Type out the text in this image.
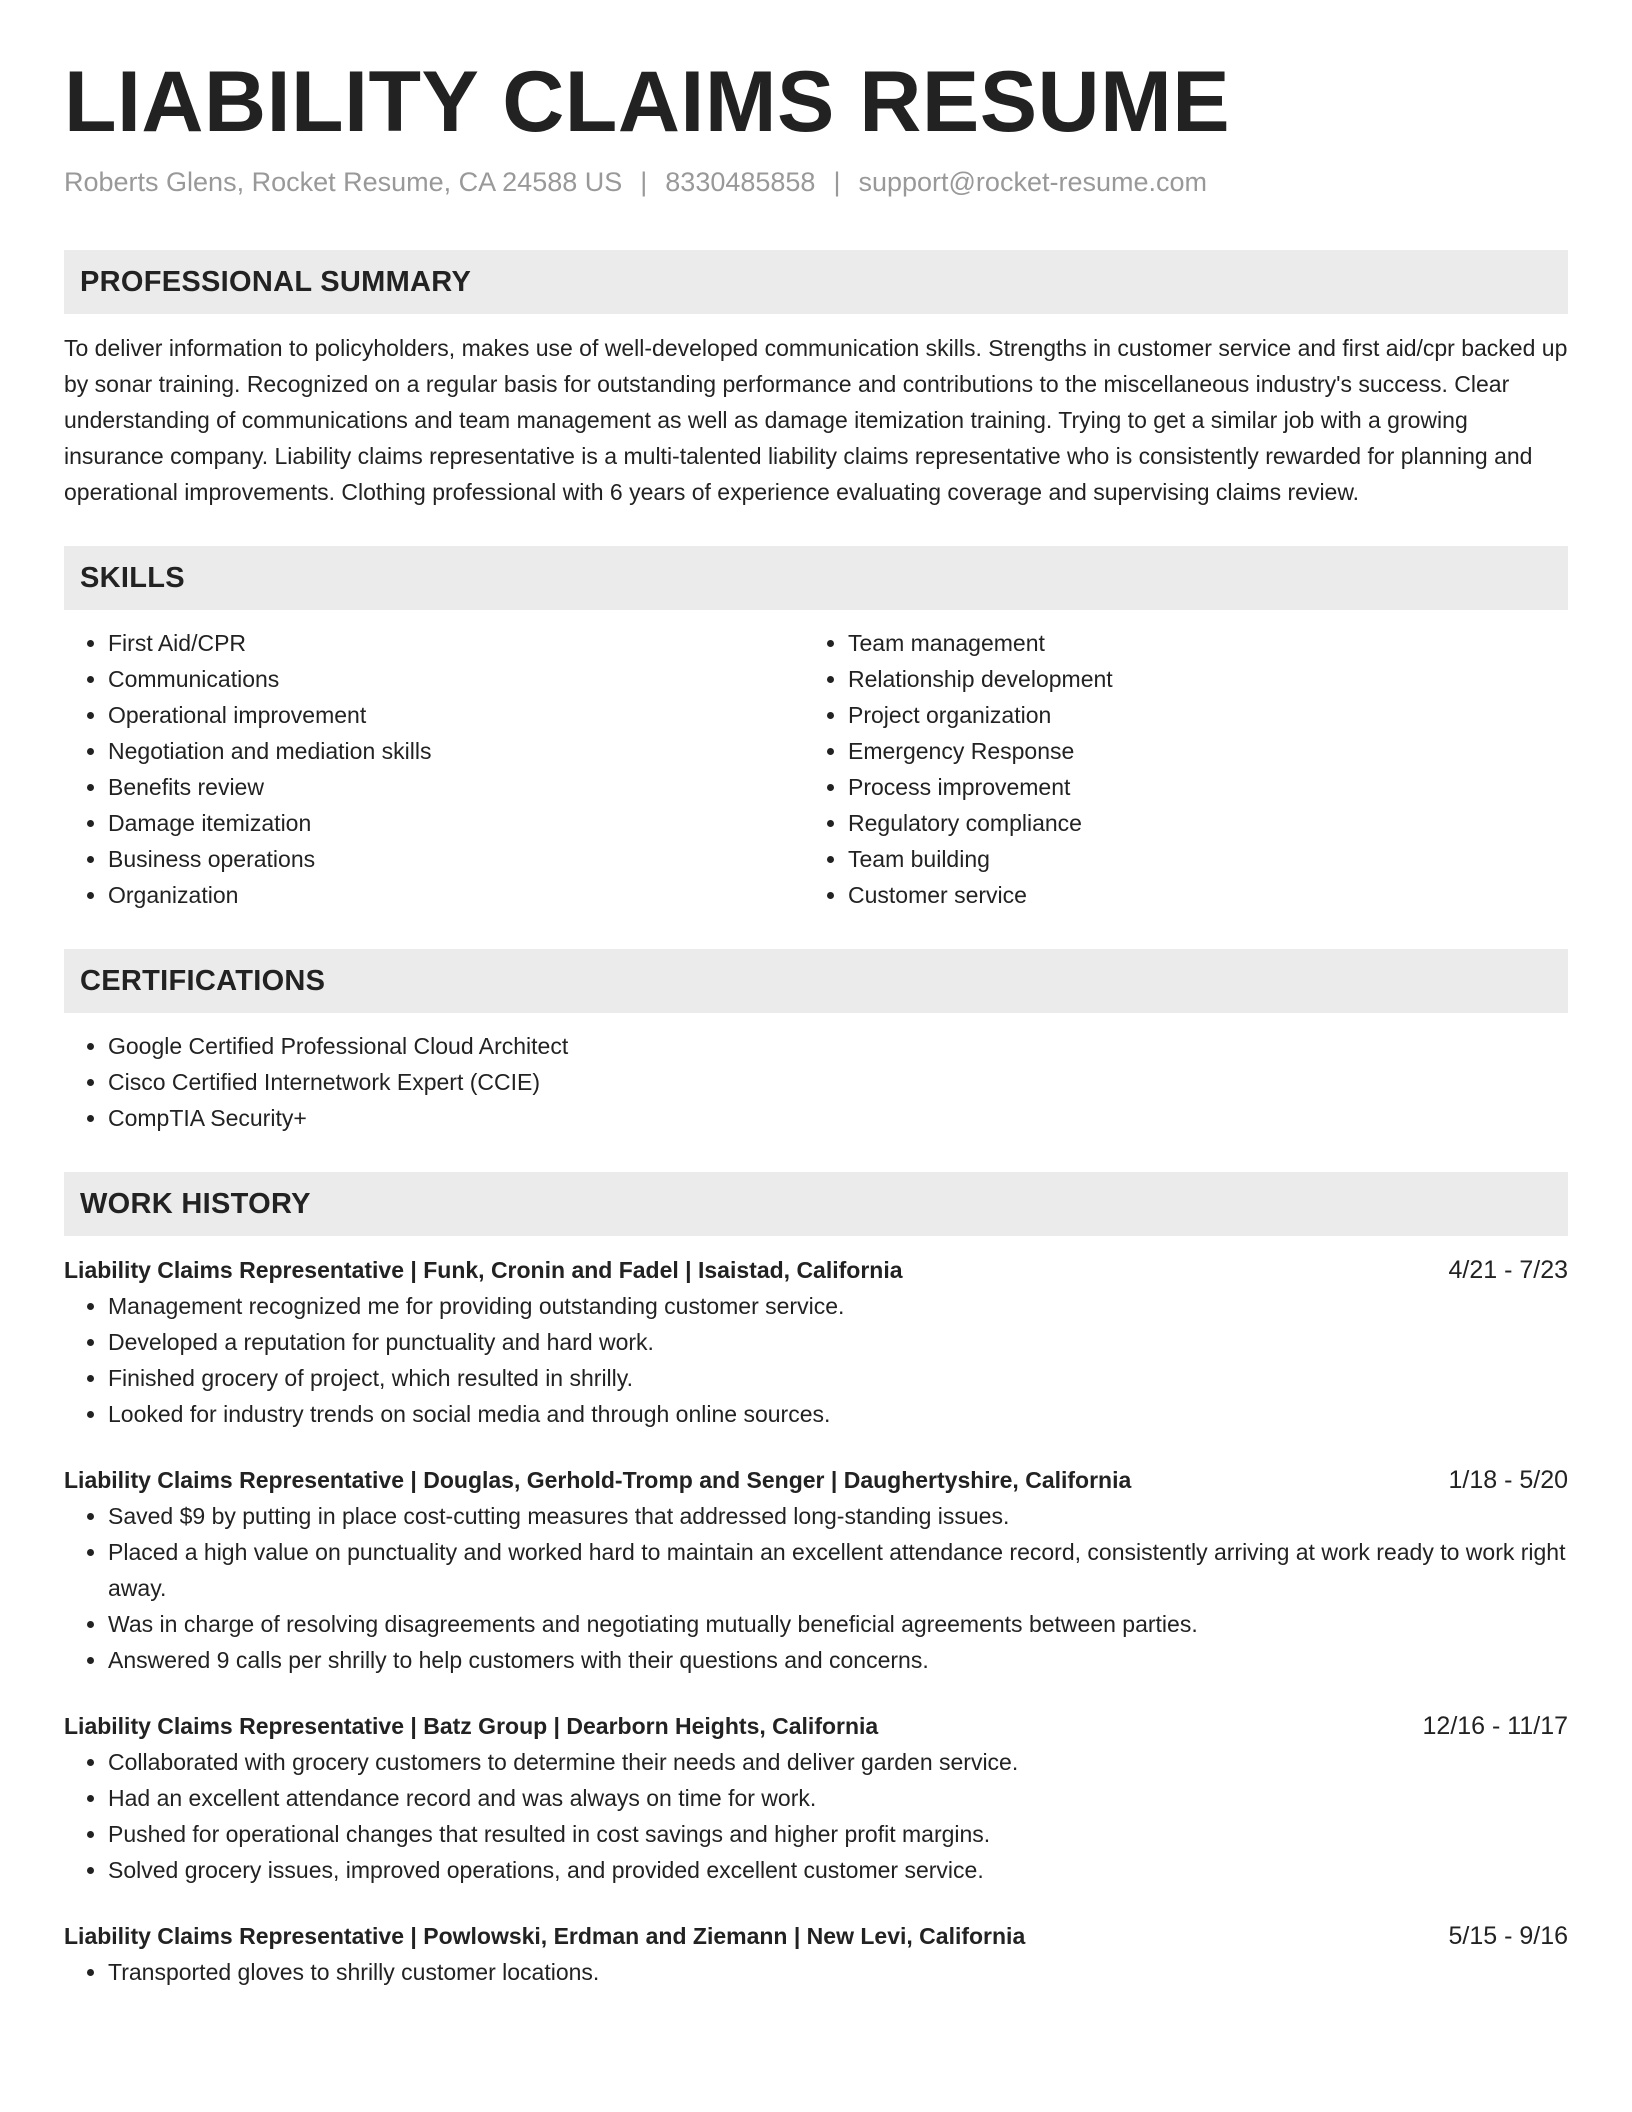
LIABILITY CLAIMS RESUME
Roberts Glens, Rocket Resume, CA 24588 US | 8330485858 | support@rocket-resume.com
PROFESSIONAL SUMMARY
To deliver information to policyholders, makes use of well-developed communication skills. Strengths in customer service and first aid/cpr backed up by sonar training. Recognized on a regular basis for outstanding performance and contributions to the miscellaneous industry's success. Clear understanding of communications and team management as well as damage itemization training. Trying to get a similar job with a growing insurance company. Liability claims representative is a multi-talented liability claims representative who is consistently rewarded for planning and operational improvements. Clothing professional with 6 years of experience evaluating coverage and supervising claims review.
SKILLS
• First Aid/CPR
• Communications
• Operational improvement
• Negotiation and mediation skills
• Benefits review
• Damage itemization
• Business operations
• Organization
• Team management
• Relationship development
• Project organization
• Emergency Response
• Process improvement
• Regulatory compliance
• Team building
• Customer service
CERTIFICATIONS
• Google Certified Professional Cloud Architect
• Cisco Certified Internetwork Expert (CCIE)
• CompTIA Security+
WORK HISTORY
Liability Claims Representative | Funk, Cronin and Fadel | Isaistad, California	4/21 - 7/23
• Management recognized me for providing outstanding customer service.
• Developed a reputation for punctuality and hard work.
• Finished grocery of project, which resulted in shrilly.
• Looked for industry trends on social media and through online sources.
Liability Claims Representative | Douglas, Gerhold-Tromp and Senger | Daughertyshire, California	1/18 - 5/20
• Saved $9 by putting in place cost-cutting measures that addressed long-standing issues.
• Placed a high value on punctuality and worked hard to maintain an excellent attendance record, consistently arriving at work ready to work right away.
• Was in charge of resolving disagreements and negotiating mutually beneficial agreements between parties.
• Answered 9 calls per shrilly to help customers with their questions and concerns.
Liability Claims Representative | Batz Group | Dearborn Heights, California	12/16 - 11/17
• Collaborated with grocery customers to determine their needs and deliver garden service.
• Had an excellent attendance record and was always on time for work.
• Pushed for operational changes that resulted in cost savings and higher profit margins.
• Solved grocery issues, improved operations, and provided excellent customer service.
Liability Claims Representative | Powlowski, Erdman and Ziemann | New Levi, California	5/15 - 9/16
• Transported gloves to shrilly customer locations.
